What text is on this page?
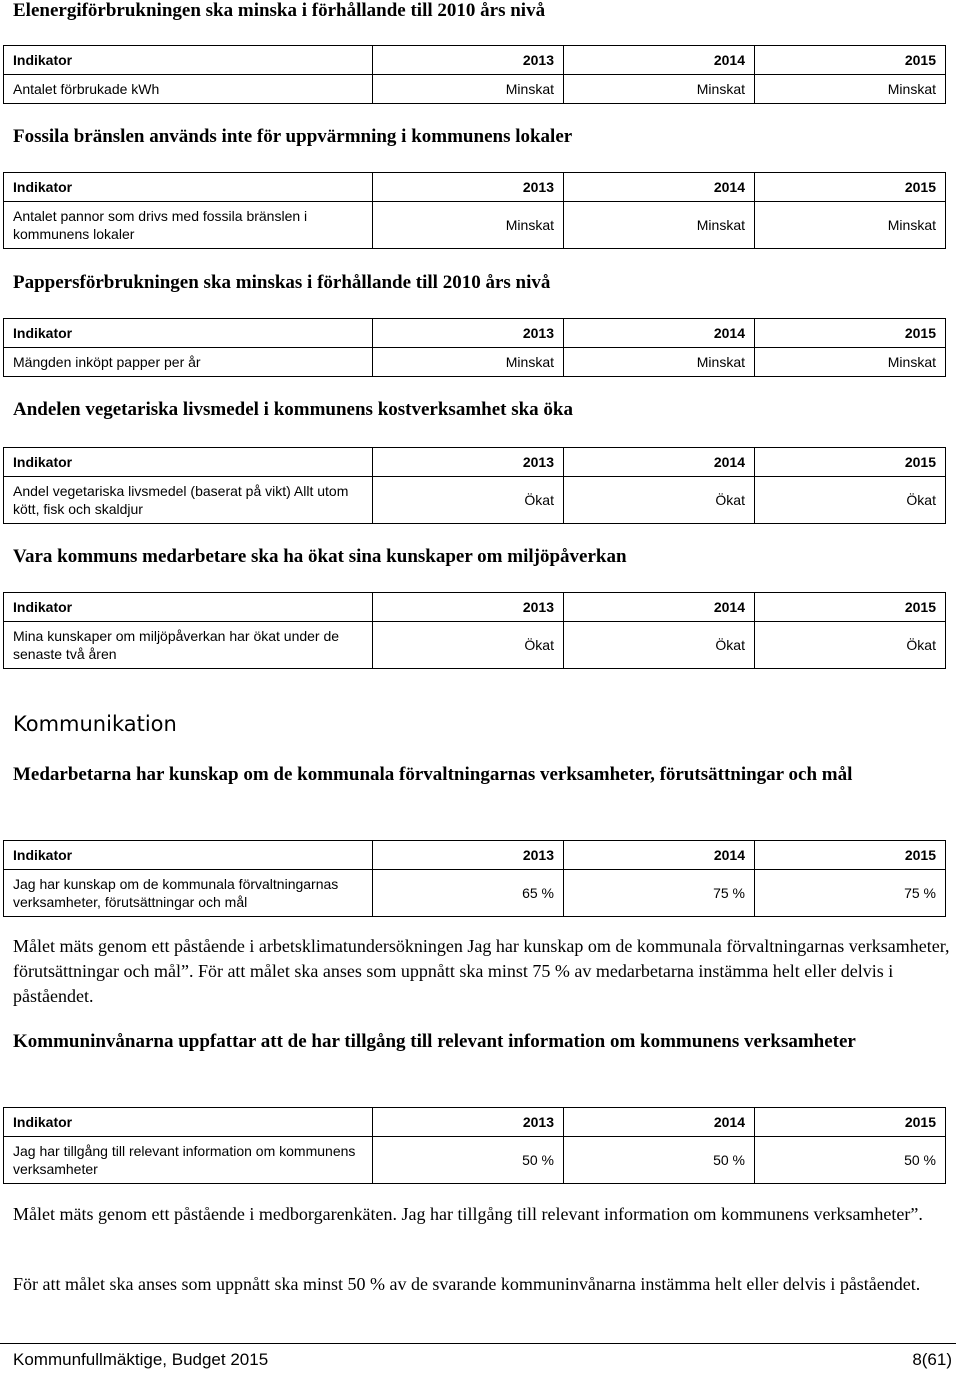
Elenergiförbrukningen ska minska i förhållande till 2010 års nivå
Indikator	2013	2014	2015
Antalet förbrukade kWh	Minskat	Minskat	Minskat
Fossila bränslen används inte för uppvärmning i kommunens lokaler
Indikator	2013	2014	2015
Antalet pannor som drivs med fossila bränslen i kommunens lokaler	Minskat	Minskat	Minskat
Pappersförbrukningen ska minskas i förhållande till 2010 års nivå
Indikator	2013	2014	2015
Mängden inköpt papper per år	Minskat	Minskat	Minskat
Andelen vegetariska livsmedel i kommunens kostverksamhet ska öka
Indikator	2013	2014	2015
Andel vegetariska livsmedel (baserat på vikt) Allt utom kött, fisk och skaldjur	Ökat	Ökat	Ökat
Vara kommuns medarbetare ska ha ökat sina kunskaper om miljöpåverkan
Indikator	2013	2014	2015
Mina kunskaper om miljöpåverkan har ökat under de senaste två åren	Ökat	Ökat	Ökat
Kommunikation
Medarbetarna har kunskap om de kommunala förvaltningarnas verksamheter, förutsättningar och mål
Indikator	2013	2014	2015
Jag har kunskap om de kommunala förvaltningarnas verksamheter, förutsättningar och mål	65 %	75 %	75 %
Målet mäts genom ett påstående i arbetsklimatundersökningen Jag har kunskap om de kommunala förvaltningarnas verksamheter, förutsättningar och mål”. För att målet ska anses som uppnått ska minst 75 % av medarbetarna instämma helt eller delvis i påståendet.
Kommuninvånarna uppfattar att de har tillgång till relevant information om kommunens verksamheter
Indikator	2013	2014	2015
Jag har tillgång till relevant information om kommunens verksamheter	50 %	50 %	50 %
Målet mäts genom ett påstående i medborgarenkäten. Jag har tillgång till relevant information om kommunens verksamheter”.
För att målet ska anses som uppnått ska minst 50 % av de svarande kommuninvånarna instämma helt eller delvis i påståendet.
Kommunfullmäktige, Budget 2015	8(61)
